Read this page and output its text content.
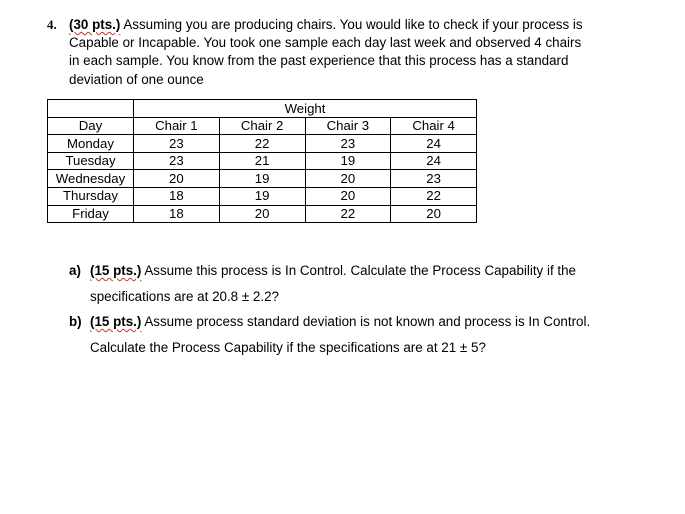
4. (30 pts.) Assuming you are producing chairs. You would like to check if your process is Capable or Incapable. You took one sample each day last week and observed 4 chairs in each sample. You know from the past experience that this process has a standard deviation of one ounce
	Weight			
Day	Chair 1	Chair 2	Chair 3	Chair 4
Monday	23	22	23	24
Tuesday	23	21	19	24
Wednesday	20	19	20	23
Thursday	18	19	20	22
Friday	18	20	22	20
a) (15 pts.) Assume this process is In Control. Calculate the Process Capability if the specifications are at 20.8 ± 2.2?
b) (15 pts.) Assume process standard deviation is not known and process is In Control. Calculate the Process Capability if the specifications are at 21 ± 5?
